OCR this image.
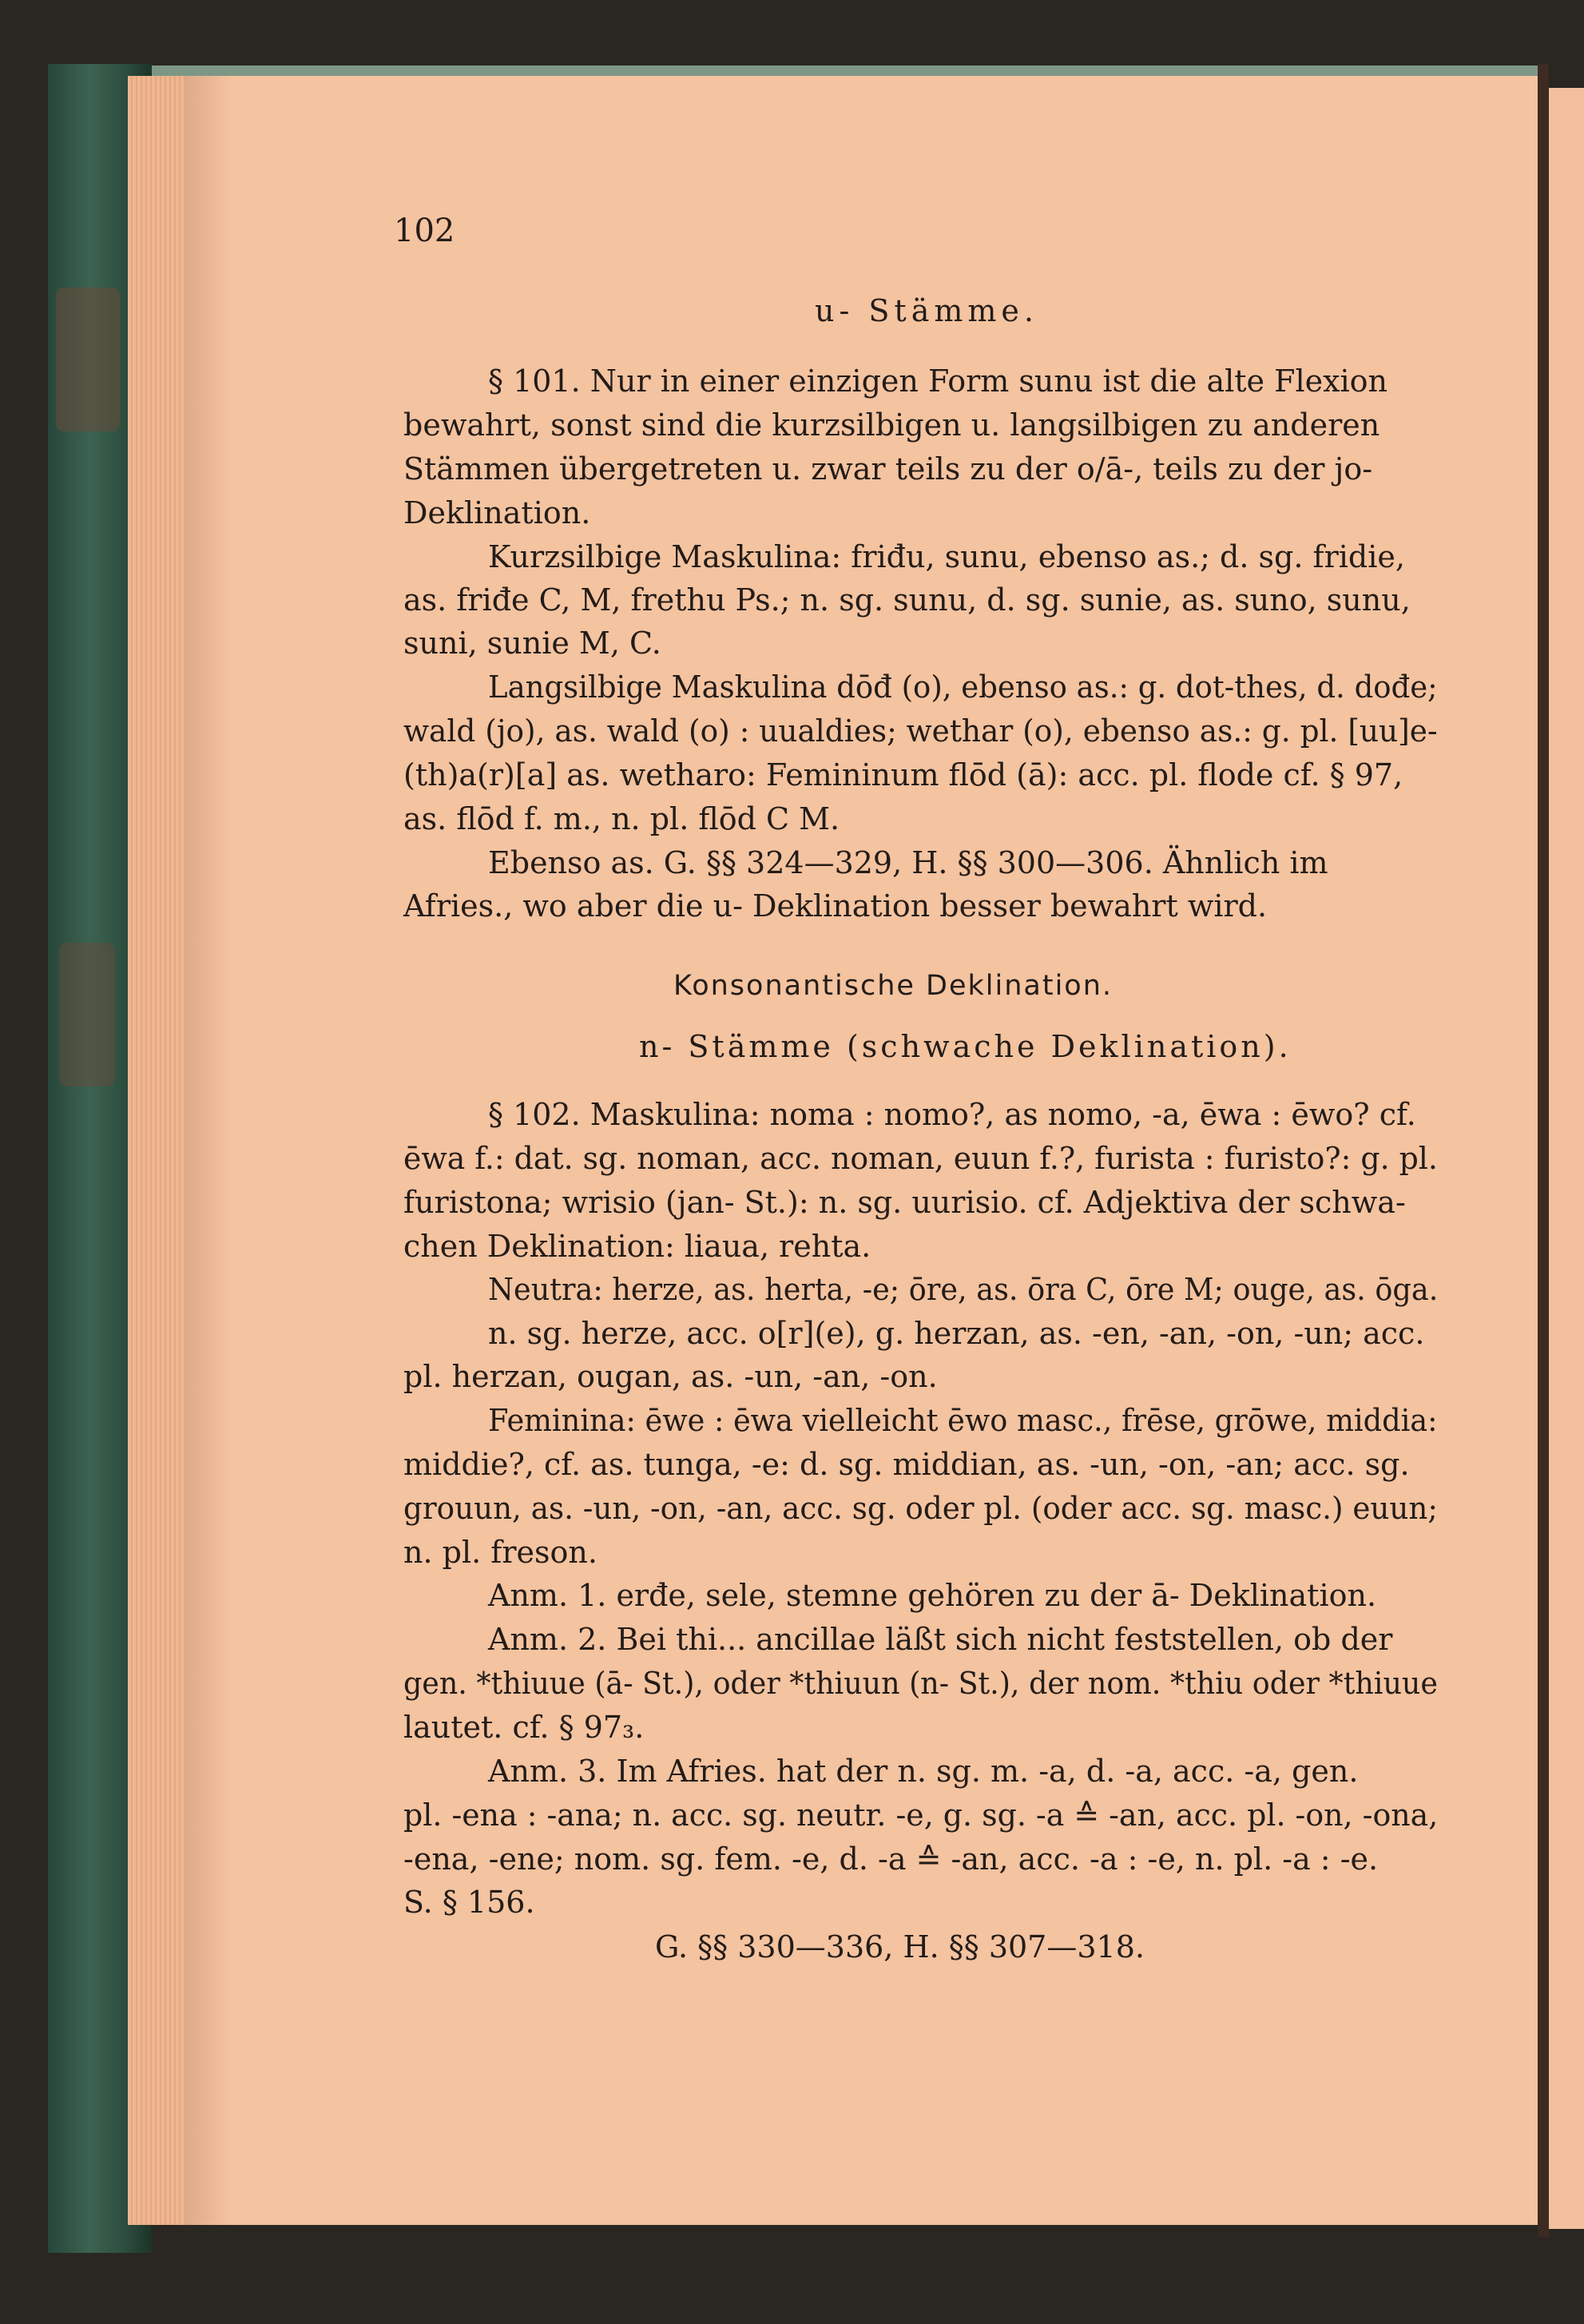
102
u- Stämme.
§ 101. Nur in einer einzigen Form sunu ist die alte Flexion
bewahrt, sonst sind die kurzsilbigen u. langsilbigen zu anderen
Stämmen übergetreten u. zwar teils zu der o/ā-, teils zu der jo-
Deklination.
Kurzsilbige Maskulina: friđu, sunu, ebenso as.; d. sg. fridie,
as. friđe C, M, frethu Ps.; n. sg. sunu, d. sg. sunie, as. suno, sunu,
suni, sunie M, C.
Langsilbige Maskulina dōđ (o), ebenso as.: g. dot-thes, d. dođe;
wald (jo), as. wald (o) : uualdies; wethar (o), ebenso as.: g. pl. [uu]e-
(th)a(r)[a] as. wetharo: Femininum flōd (ā): acc. pl. flode cf. § 97,
as. flōd f. m., n. pl. flōd C M.
Ebenso as. G. §§ 324—329, H. §§ 300—306. Ähnlich im
Afries., wo aber die u- Deklination besser bewahrt wird.
Konsonantische Deklination.
n- Stämme (schwache Deklination).
§ 102. Maskulina: noma : nomo?, as nomo, -a, ēwa : ēwo? cf.
ēwa f.: dat. sg. noman, acc. noman, euun f.?, furista : furisto?: g. pl.
furistona; wrisio (jan- St.): n. sg. uurisio. cf. Adjektiva der schwa-
chen Deklination: liaua, rehta.
Neutra: herze, as. herta, -e; ōre, as. ōra C, ōre M; ouge, as. ōga.
n. sg. herze, acc. o[r](e), g. herzan, as. -en, -an, -on, -un; acc.
pl. herzan, ougan, as. -un, -an, -on.
Feminina: ēwe : ēwa vielleicht ēwo masc., frēse, grōwe, middia:
middie?, cf. as. tunga, -e: d. sg. middian, as. -un, -on, -an; acc. sg.
grouun, as. -un, -on, -an, acc. sg. oder pl. (oder acc. sg. masc.) euun;
n. pl. freson.
Anm. 1. erđe, sele, stemne gehören zu der ā- Deklination.
Anm. 2. Bei thi... ancillae läßt sich nicht feststellen, ob der
gen. *thiuue (ā- St.), oder *thiuun (n- St.), der nom. *thiu oder *thiuue
lautet. cf. § 97₃.
Anm. 3. Im Afries. hat der n. sg. m. -a, d. -a, acc. -a, gen.
pl. -ena : -ana; n. acc. sg. neutr. -e, g. sg. -a ≙ -an, acc. pl. -on, -ona,
-ena, -ene; nom. sg. fem. -e, d. -a ≙ -an, acc. -a : -e, n. pl. -a : -e.
S. § 156.
G. §§ 330—336, H. §§ 307—318.
